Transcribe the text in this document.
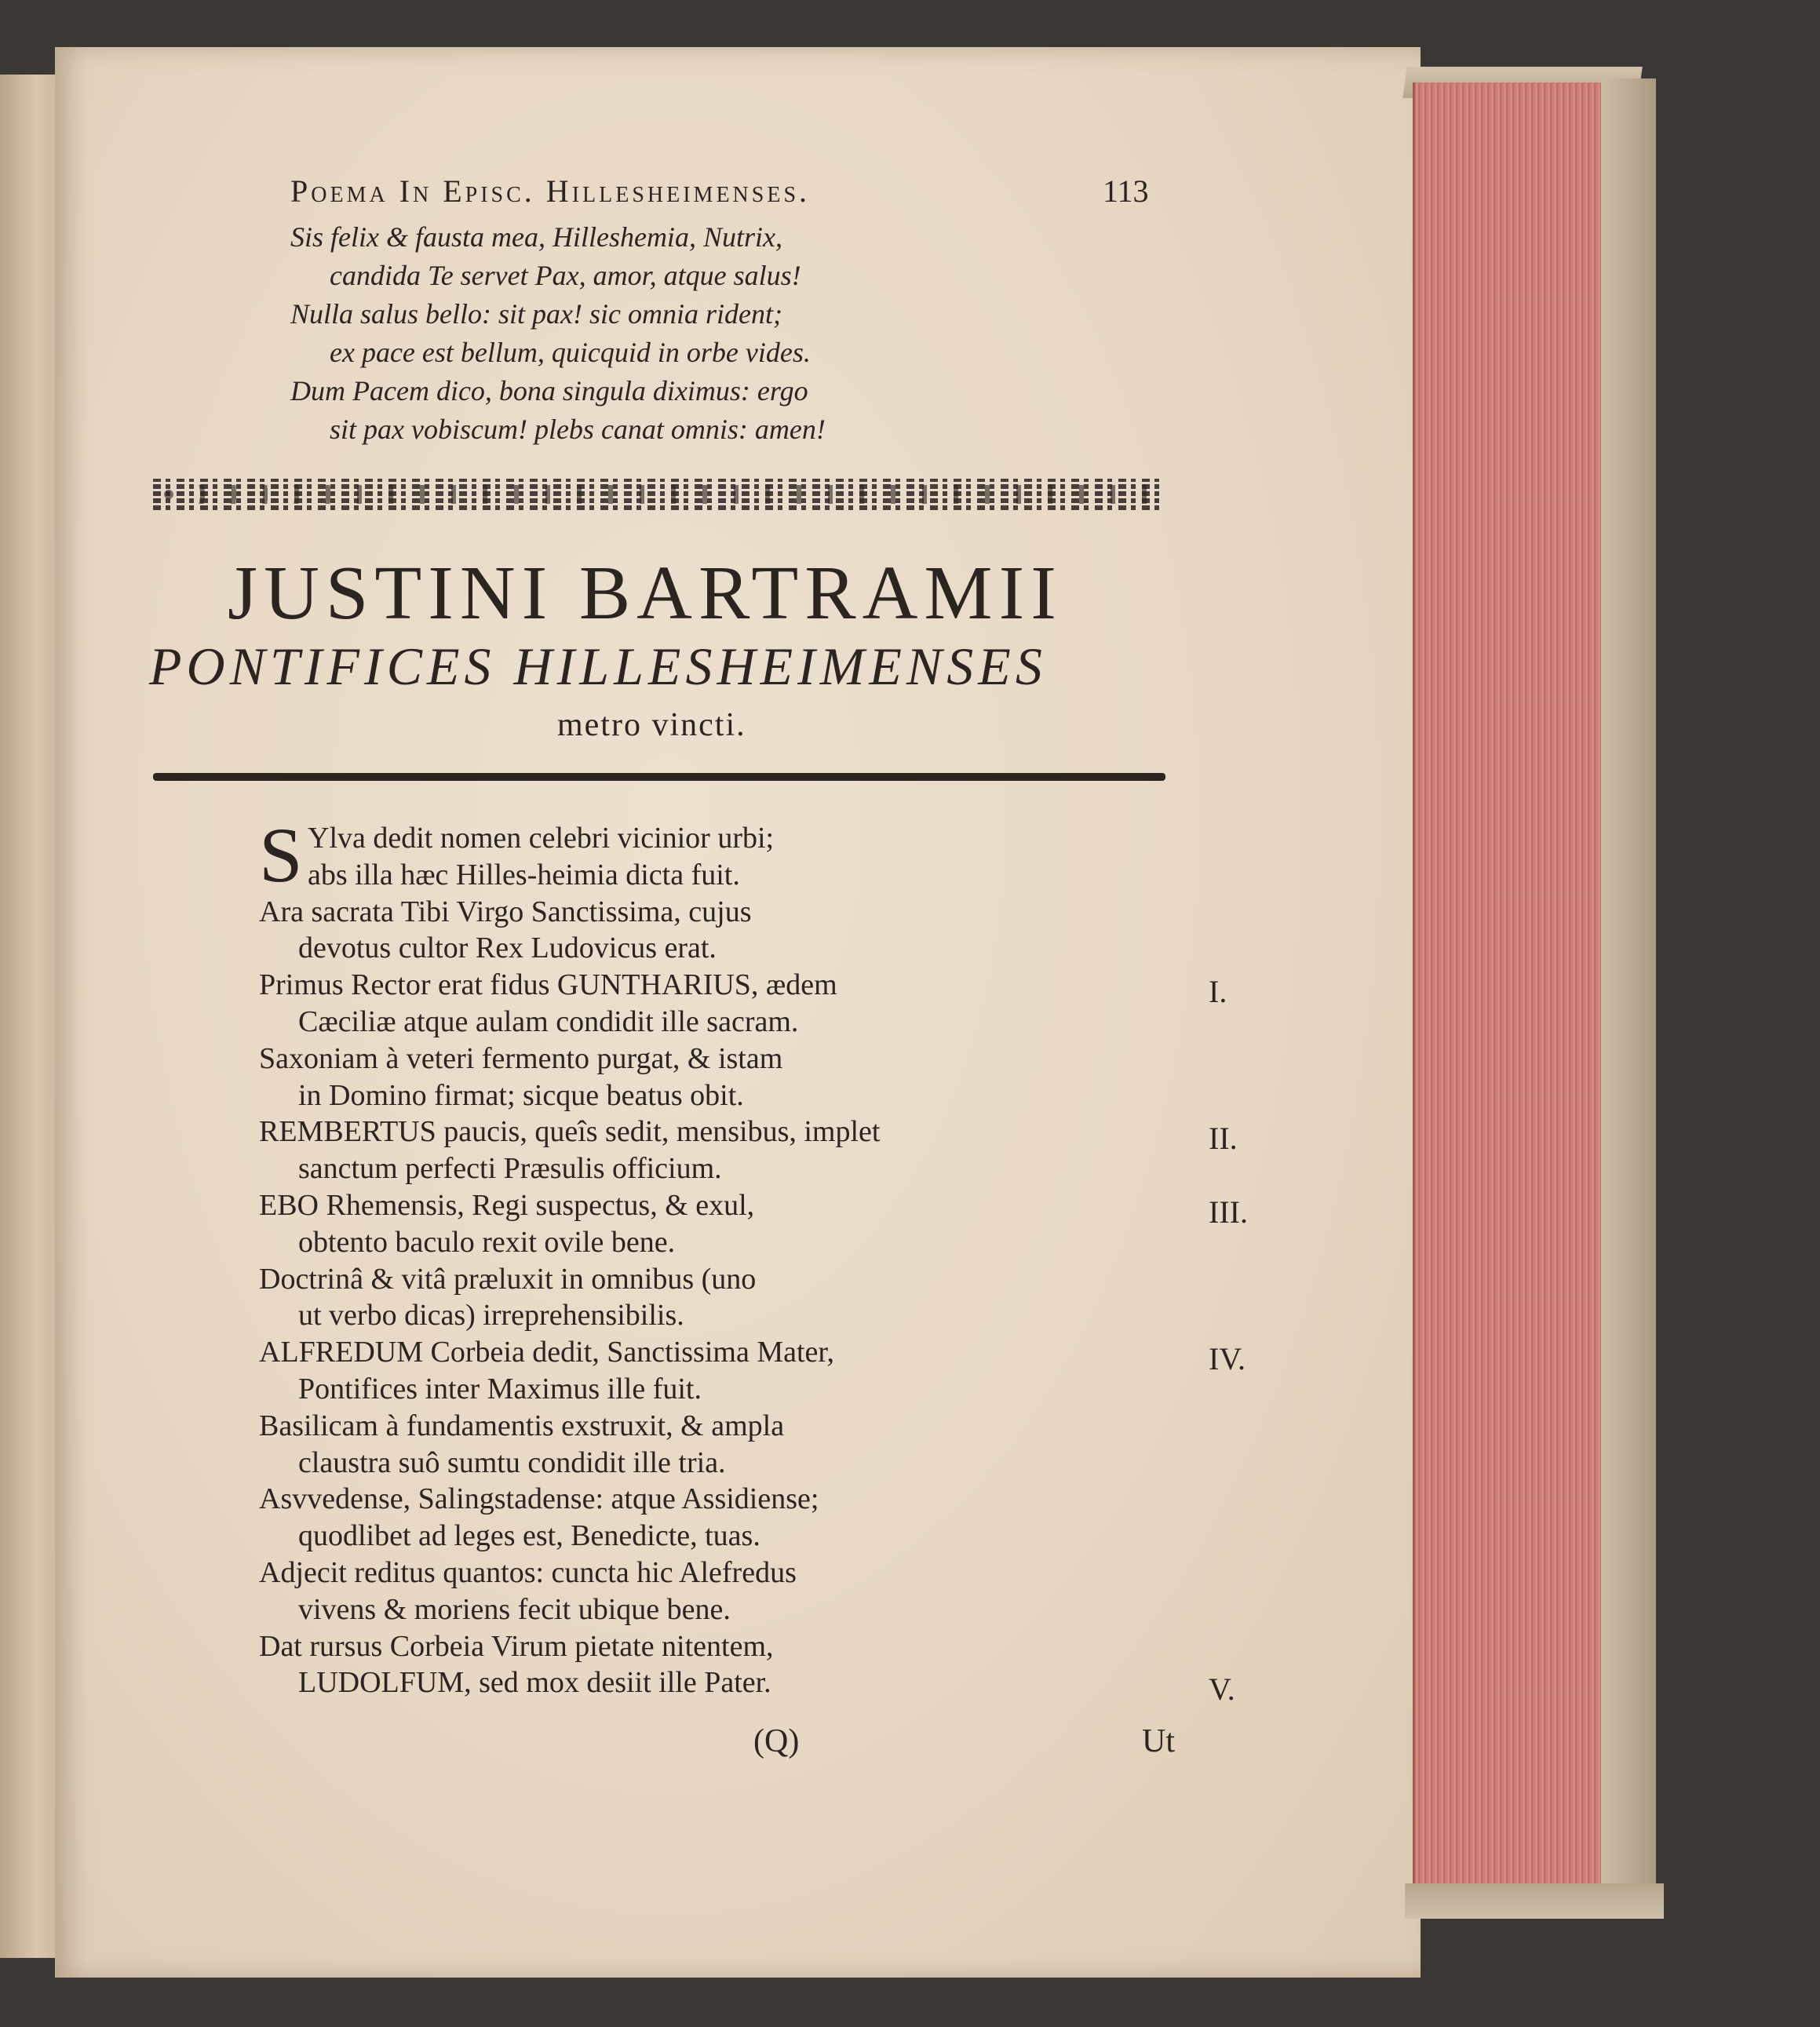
Poema In Episc. Hillesheimenses.	113
Sis felix & fausta mea, Hilleshemia, Nutrix,
candida Te servet Pax, amor, atque salus!
Nulla salus bello: sit pax! sic omnia rident;
ex pace est bellum, quicquid in orbe vides.
Dum Pacem dico, bona singula diximus: ergo
sit pax vobiscum! plebs canat omnis: amen!
JUSTINI BARTRAMII
PONTIFICES HILLESHEIMENSES
metro vincti.
S Ylva dedit nomen celebri vicinior urbi;
abs illa hæc Hilles-heimia dicta fuit.
Ara sacrata Tibi Virgo Sanctissima, cujus
devotus cultor Rex Ludovicus erat.
Primus Rector erat fidus GUNTHARIUS, ædem
Cæciliæ atque aulam condidit ille sacram.
Saxoniam à veteri fermento purgat, & istam
in Domino firmat; sicque beatus obit.
REMBERTUS paucis, queîs sedit, mensibus, implet
sanctum perfecti Præsulis officium.
EBO Rhemensis, Regi suspectus, & exul,
obtento baculo rexit ovile bene.
Doctrinâ & vitâ præluxit in omnibus (uno
ut verbo dicas) irreprehensibilis.
ALFREDUM Corbeia dedit, Sanctissima Mater,
Pontifices inter Maximus ille fuit.
Basilicam à fundamentis exstruxit, & ampla
claustra suô sumtu condidit ille tria.
Asvvedense, Salingstadense: atque Assidiense;
quodlibet ad leges est, Benedicte, tuas.
Adjecit reditus quantos: cuncta hic Alefredus
vivens & moriens fecit ubique bene.
Dat rursus Corbeia Virum pietate nitentem,
LUDOLFUM, sed mox desiit ille Pater.
I.
II.
III.
IV.
V.
(Q)	Ut
